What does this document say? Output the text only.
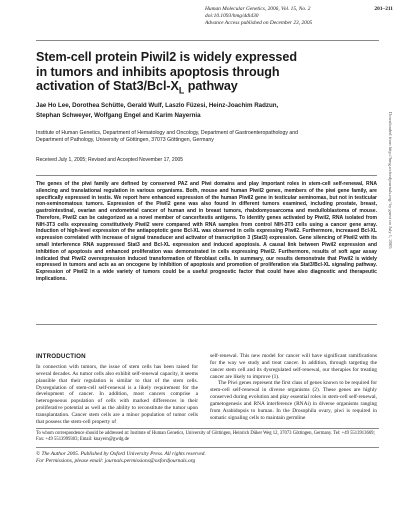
Human Molecular Genetics, 2006, Vol. 15, No. 2	201–211
doi:10.1093/hmg/ddi430
Advance Access published on December 23, 2005
Stem-cell protein Piwil2 is widely expressed
in tumors and inhibits apoptosis through
activation of $Stat3/Bcl-X_L$ pathway
Jae Ho Lee, Dorothea Schütte, Gerald Wulf, Laszlo Füzesi, Heinz-Joachim Radzun,
Stephan Schweyer, Wolfgang Engel and Karim Nayernia
Institute of Human Genetics, Department of Hematology and Oncology, Department of Gastroenteropathology and
Department of Pathology, University of Göttingen, 37073 Göttingen, Germany
Received July 1, 2005; Revised and Accepted November 17, 2005
The genes of the piwi family are defined by conserved PAZ and Piwi domains and play important roles in stem-cell self-renewal, RNA silencing and translational regulation in various organisms. Both, mouse and human Piwil2 genes, members of the piwi gene family, are specifically expressed in testis. We report here enhanced expression of the human Piwil2 gene in testicular seminomas, but not in testicular non-seminomatous tumors. Expression of the Piwil2 gene was also found in different tumors examined, including prostate, breast, gastrointestinal, ovarian and endometrial cancer of human and in breast tumors, rhabdomyosarcoma and medulloblastoma of mouse. Therefore, Piwil2 can be categorized as a novel member of cancer/testis antigens. To identify genes activated by Piwil2, RNA isolated from NIH-3T3 cells expressing constitutively Piwil2 were compared with RNA samples from control NIH-3T3 cells using a cancer gene array. Induction of high-level expression of the antiapoptotic gene Bcl-XL was observed in cells expressing Piwil2. Furthermore, increased Bcl-XL expression correlated with increase of signal transducer and activator of transcription 3 (Stat3) expression. Gene silencing of Piwil2 with its small interference RNA suppressed Stat3 and Bcl-XL expression and induced apoptosis. A causal link between Piwil2 expression and inhibition of apoptosis and enhanced proliferation was demonstrated in cells expressing Piwil2. Furthermore, results of soft agar assay indicated that Piwil2 overexpression induced transformation of fibroblast cells. In summary, our results demonstrate that Piwil2 is widely expressed in tumors and acts as an oncogene by inhibition of apoptosis and promotion of proliferation via Stat3/Bcl-XL signaling pathway. Expression of Piwil2 in a wide variety of tumors could be a useful prognostic factor that could have also diagnostic and therapeutic implications.
INTRODUCTION
In connection with tumors, the issue of stem cells has been raised for several decades. As tumor cells also exhibit self-renewal capacity, it seems plausible that their regulation is similar to that of the stem cells. Dysregulation of stem-cell self-renewal is a likely requirement for the development of cancer. In addition, most cancers comprise a heterogeneous population of cells with marked differences in their proliferative potential as well as the ability to reconstitute the tumor upon transplantation. Cancer stem cells are a minor population of tumor cells that possess the stem-cell property of
self-renewal. This new model for cancer will have significant ramifications for the way we study and treat cancer. In addition, through targeting the cancer stem cell and its dysregulated self-renewal, our therapies for treating cancer are likely to improve (1).
The Piwi genes represent the first class of genes known to be required for stem-cell self-renewal in diverse organisms (2). These genes are highly conserved during evolution and play essential roles in stem-cell self-renewal, gametogenesis and RNA interference (RNAi) in diverse organisms ranging from Arabidopsis to human. In the Drosophila ovary, piwi is required in somatic signaling cells to maintain germline
To whom correspondence should be addressed at: Institute of Human Genetics, University of Göttingen, Heinrich Düker Weg 12, 37073 Göttingen, Germany. Tel: +49 5513913669; Fax: +49 5513999303; Email: knayern@gwdg.de
© The Author 2005. Published by Oxford University Press. All rights reserved.
For Permissions, please email: journals.permissions@oxfordjournals.org
Downloaded from http://hmg.oxfordjournals.org/ by guest on July 1, 2005
